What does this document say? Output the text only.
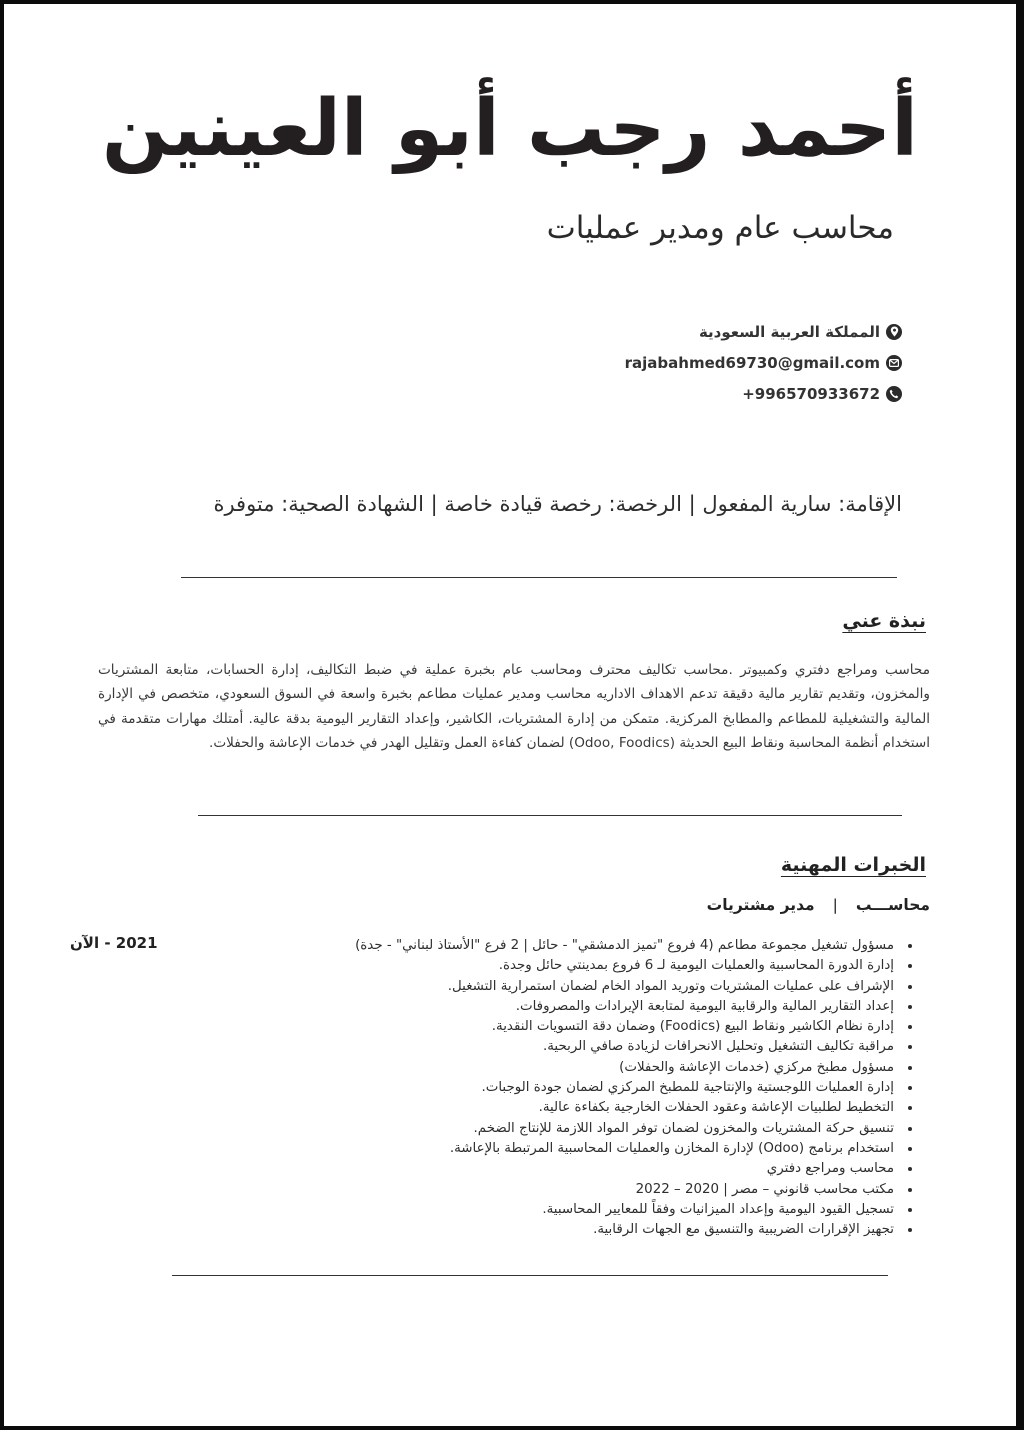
أحمد رجب أبو العينين
محاسب عام ومدير عمليات
المملكة العربية السعودية
rajabahmed69730@gmail.com
+996570933672
الإقامة: سارية المفعول | الرخصة: رخصة قيادة خاصة | الشهادة الصحية: متوفرة
نبذة عني

محاسب ومراجع دفتري وكمبيوتر .محاسب تكاليف محترف ومحاسب عام بخبرة عملية في ضبط التكاليف، إدارة الحسابات، متابعة المشتريات والمخزون، وتقديم تقارير مالية دقيقة تدعم الاهداف الاداريه محاسب ومدير عمليات مطاعم بخبرة واسعة في السوق السعودي، متخصص في الإدارة المالية والتشغيلية للمطاعم والمطابخ المركزية. متمكن من إدارة المشتريات، الكاشير، وإعداد التقارير اليومية بدقة عالية. أمتلك مهارات متقدمة في استخدام أنظمة المحاسبة ونقاط البيع الحديثة (Odoo, Foodics) لضمان كفاءة العمل وتقليل الهدر في خدمات الإعاشة والحفلات.

الخبرات المهنية
محاســـب|مدير مشتريات
2021 - الآن
•	مسؤول تشغيل مجموعة مطاعم (4 فروع "تميز الدمشقي" - حائل | 2 فرع "الأستاذ لبناني" - جدة)
• إدارة الدورة المحاسبية والعمليات اليومية لـ 6 فروع بمدينتي حائل وجدة.
• الإشراف على عمليات المشتريات وتوريد المواد الخام لضمان استمرارية التشغيل.
• إعداد التقارير المالية والرقابية اليومية لمتابعة الإيرادات والمصروفات.
• إدارة نظام الكاشير ونقاط البيع (Foodics) وضمان دقة التسويات النقدية.
• مراقبة تكاليف التشغيل وتحليل الانحرافات لزيادة صافي الربحية.
• مسؤول مطبخ مركزي (خدمات الإعاشة والحفلات)
• إدارة العمليات اللوجستية والإنتاجية للمطبخ المركزي لضمان جودة الوجبات.
• التخطيط لطلبيات الإعاشة وعقود الحفلات الخارجية بكفاءة عالية.
• تنسيق حركة المشتريات والمخزون لضمان توفر المواد اللازمة للإنتاج الضخم.
• استخدام برنامج (Odoo) لإدارة المخازن والعمليات المحاسبية المرتبطة بالإعاشة.
• محاسب ومراجع دفتري
• مكتب محاسب قانوني – مصر | 2020 – 2022
• تسجيل القيود اليومية وإعداد الميزانيات وفقاً للمعايير المحاسبية.
• تجهيز الإقرارات الضريبية والتنسيق مع الجهات الرقابية.
